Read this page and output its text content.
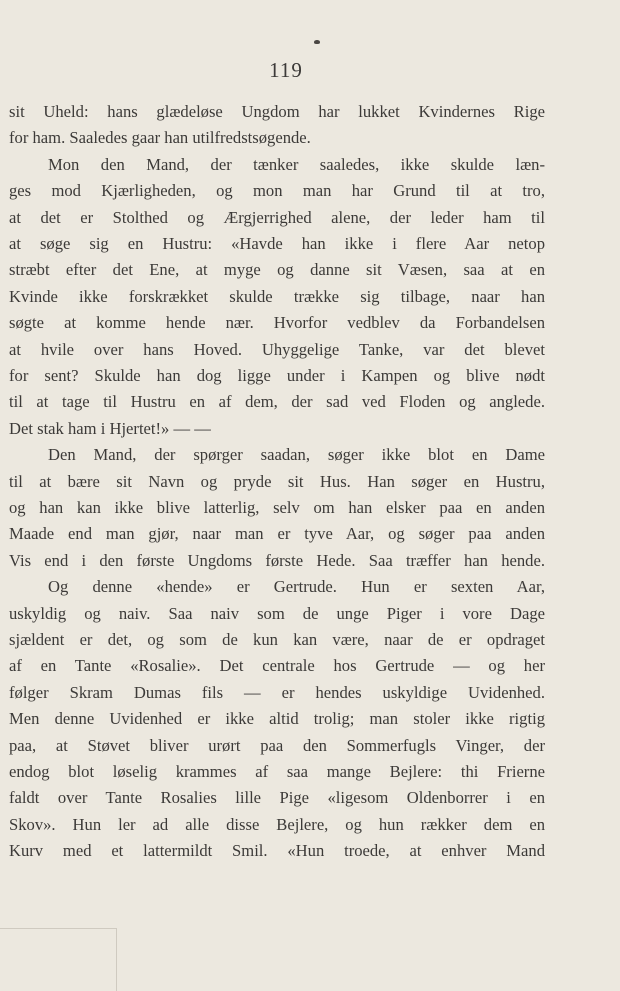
119
sit Uheld: hans glædeløse Ungdom har lukket Kvindernes Rige
for ham. Saaledes gaar han utilfredstsøgende.
Mon den Mand, der tænker saaledes, ikke skulde læn-
ges mod Kjærligheden, og mon man har Grund til at tro,
at det er Stolthed og Ærgjerrighed alene, der leder ham til
at søge sig en Hustru: «Havde han ikke i flere Aar netop
stræbt efter det Ene, at myge og danne sit Væsen, saa at en
Kvinde ikke forskrækket skulde trække sig tilbage, naar han
søgte at komme hende nær. Hvorfor vedblev da Forbandelsen
at hvile over hans Hoved. Uhyggelige Tanke, var det blevet
for sent? Skulde han dog ligge under i Kampen og blive nødt
til at tage til Hustru en af dem, der sad ved Floden og anglede.
Det stak ham i Hjertet!» — —
Den Mand, der spørger saadan, søger ikke blot en Dame
til at bære sit Navn og pryde sit Hus. Han søger en Hustru,
og han kan ikke blive latterlig, selv om han elsker paa en anden
Maade end man gjør, naar man er tyve Aar, og søger paa anden
Vis end i den første Ungdoms første Hede. Saa træffer han hende.
Og denne «hende» er Gertrude. Hun er sexten Aar,
uskyldig og naiv. Saa naiv som de unge Piger i vore Dage
sjældent er det, og som de kun kan være, naar de er opdraget
af en Tante «Rosalie». Det centrale hos Gertrude — og her
følger Skram Dumas fils — er hendes uskyldige Uvidenhed.
Men denne Uvidenhed er ikke altid trolig; man stoler ikke rigtig
paa, at Støvet bliver urørt paa den Sommerfugls Vinger, der
endog blot løselig krammes af saa mange Bejlere: thi Frierne
faldt over Tante Rosalies lille Pige «ligesom Oldenborrer i en
Skov». Hun ler ad alle disse Bejlere, og hun rækker dem en
Kurv med et lattermildt Smil. «Hun troede, at enhver Mand
